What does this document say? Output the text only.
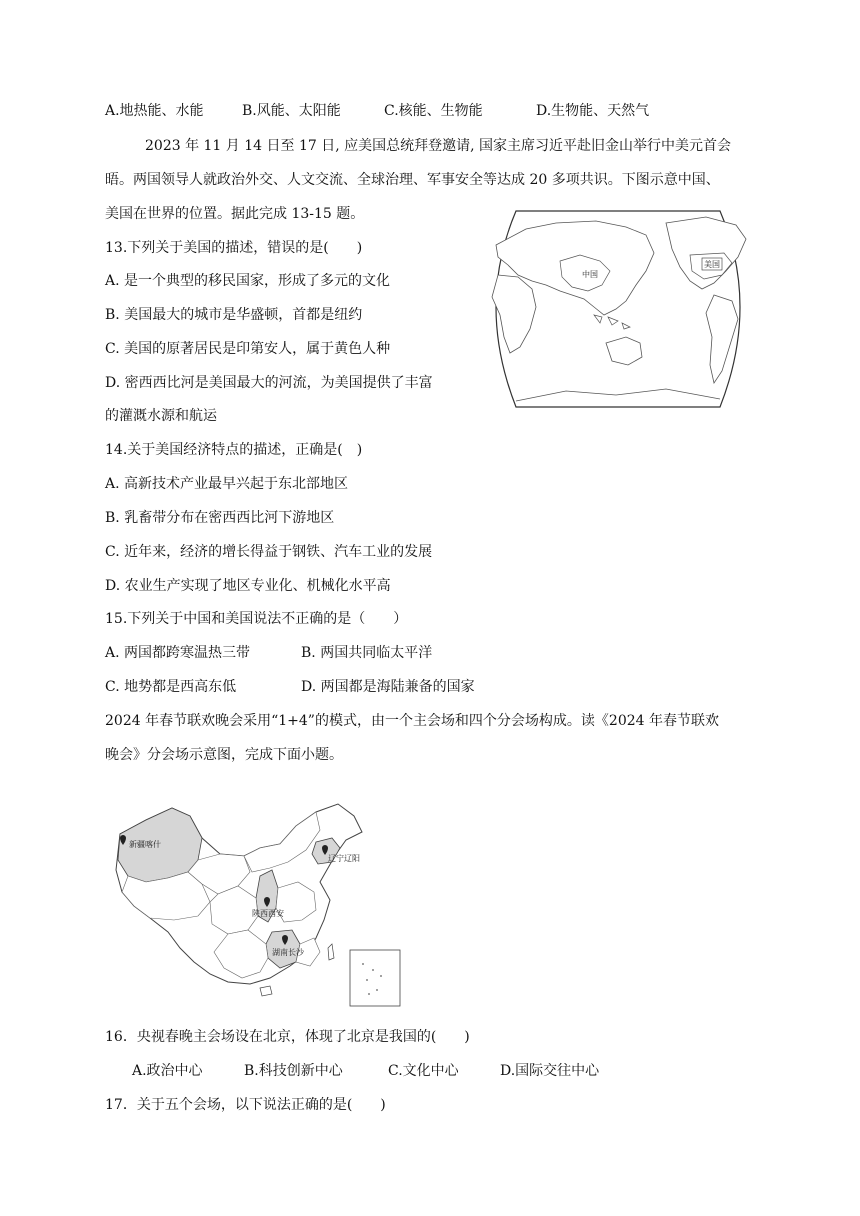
A.地热能、水能	B.风能、太阳能	C.核能、生物能	D.生物能、天然气
2023 年 11 月 14 日至 17 日, 应美国总统拜登邀请, 国家主席习近平赴旧金山举行中美元首会
晤。两国领导人就政治外交、人文交流、全球治理、军事安全等达成 20 多项共识。下图示意中国、
美国在世界的位置。据此完成 13-15 题。
中国
美国
13.下列关于美国的描述，错误的是(　　)
A. 是一个典型的移民国家，形成了多元的文化
B. 美国最大的城市是华盛顿，首都是纽约
C. 美国的原著居民是印第安人，属于黄色人种
D. 密西西比河是美国最大的河流，为美国提供了丰富
的灌溉水源和航运
14.关于美国经济特点的描述，正确是(　)
A. 高新技术产业最早兴起于东北部地区
B. 乳畜带分布在密西西比河下游地区
C. 近年来，经济的增长得益于钢铁、汽车工业的发展
D. 农业生产实现了地区专业化、机械化水平高
15.下列关于中国和美国说法不正确的是（　　）
A. 两国都跨寒温热三带	B. 两国共同临太平洋
C. 地势都是西高东低	D. 两国都是海陆兼备的国家
2024 年春节联欢晚会采用“1+4”的模式，由一个主会场和四个分会场构成。读《2024 年春节联欢
晚会》分会场示意图，完成下面小题。
新疆喀什
辽宁辽阳
陕西西安
湖南长沙
16．央视春晚主会场设在北京，体现了北京是我国的(　　)
A.政治中心	B.科技创新中心	C.文化中心	D.国际交往中心
17．关于五个会场，以下说法正确的是(　　)
